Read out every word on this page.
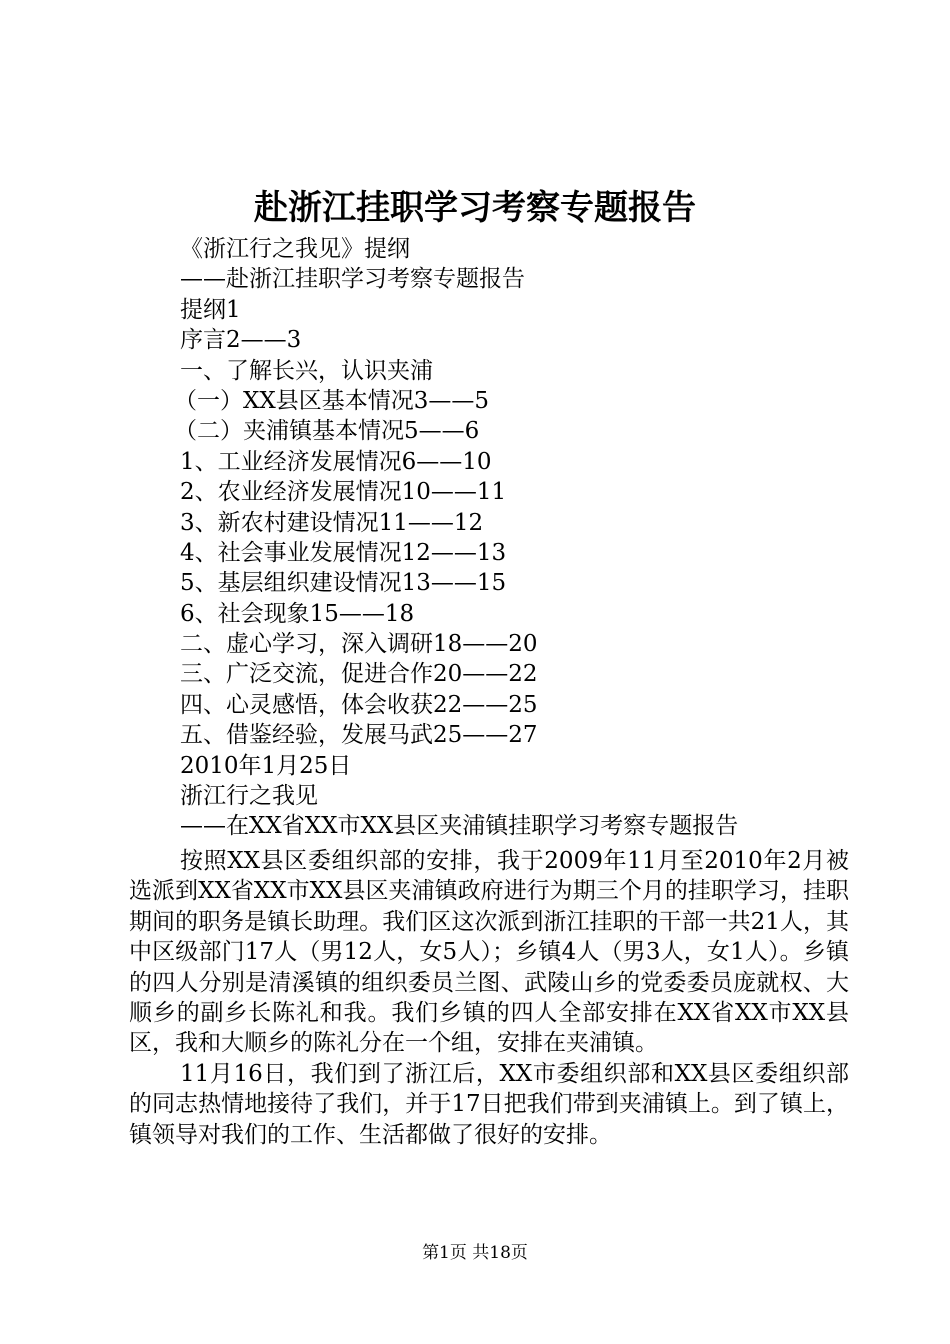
赴浙江挂职学习考察专题报告
《浙江行之我见》提纲
——赴浙江挂职学习考察专题报告
提纲1
序言2——3
一、了解长兴，认识夹浦
（一）XX县区基本情况3——5
（二）夹浦镇基本情况5——6
1、工业经济发展情况6——10
2、农业经济发展情况10——11
3、新农村建设情况11——12
4、社会事业发展情况12——13
5、基层组织建设情况13——15
6、社会现象15——18
二、虚心学习，深入调研18——20
三、广泛交流，促进合作20——22
四、心灵感悟，体会收获22——25
五、借鉴经验，发展马武25——27
2010年1月25日
浙江行之我见
——在XX省XX市XX县区夹浦镇挂职学习考察专题报告

按照XX县区委组织部的安排，我于2009年11月至2010年2月被选派到XX省XX市XX县区夹浦镇政府进行为期三个月的挂职学习，挂职期间的职务是镇长助理。我们区这次派到浙江挂职的干部一共21人，其中区级部门17人（男12人，女5人）；乡镇4人（男3人，女1人）。乡镇的四人分别是清溪镇的组织委员兰图、武陵山乡的党委委员庞就权、大顺乡的副乡长陈礼和我。我们乡镇的四人全部安排在XX省XX市XX县区，我和大顺乡的陈礼分在一个组，安排在夹浦镇。

11月16日，我们到了浙江后，XX市委组织部和XX县区委组织部的同志热情地接待了我们，并于17日把我们带到夹浦镇上。到了镇上，镇领导对我们的工作、生活都做了很好的安排。

第1页 共18页
